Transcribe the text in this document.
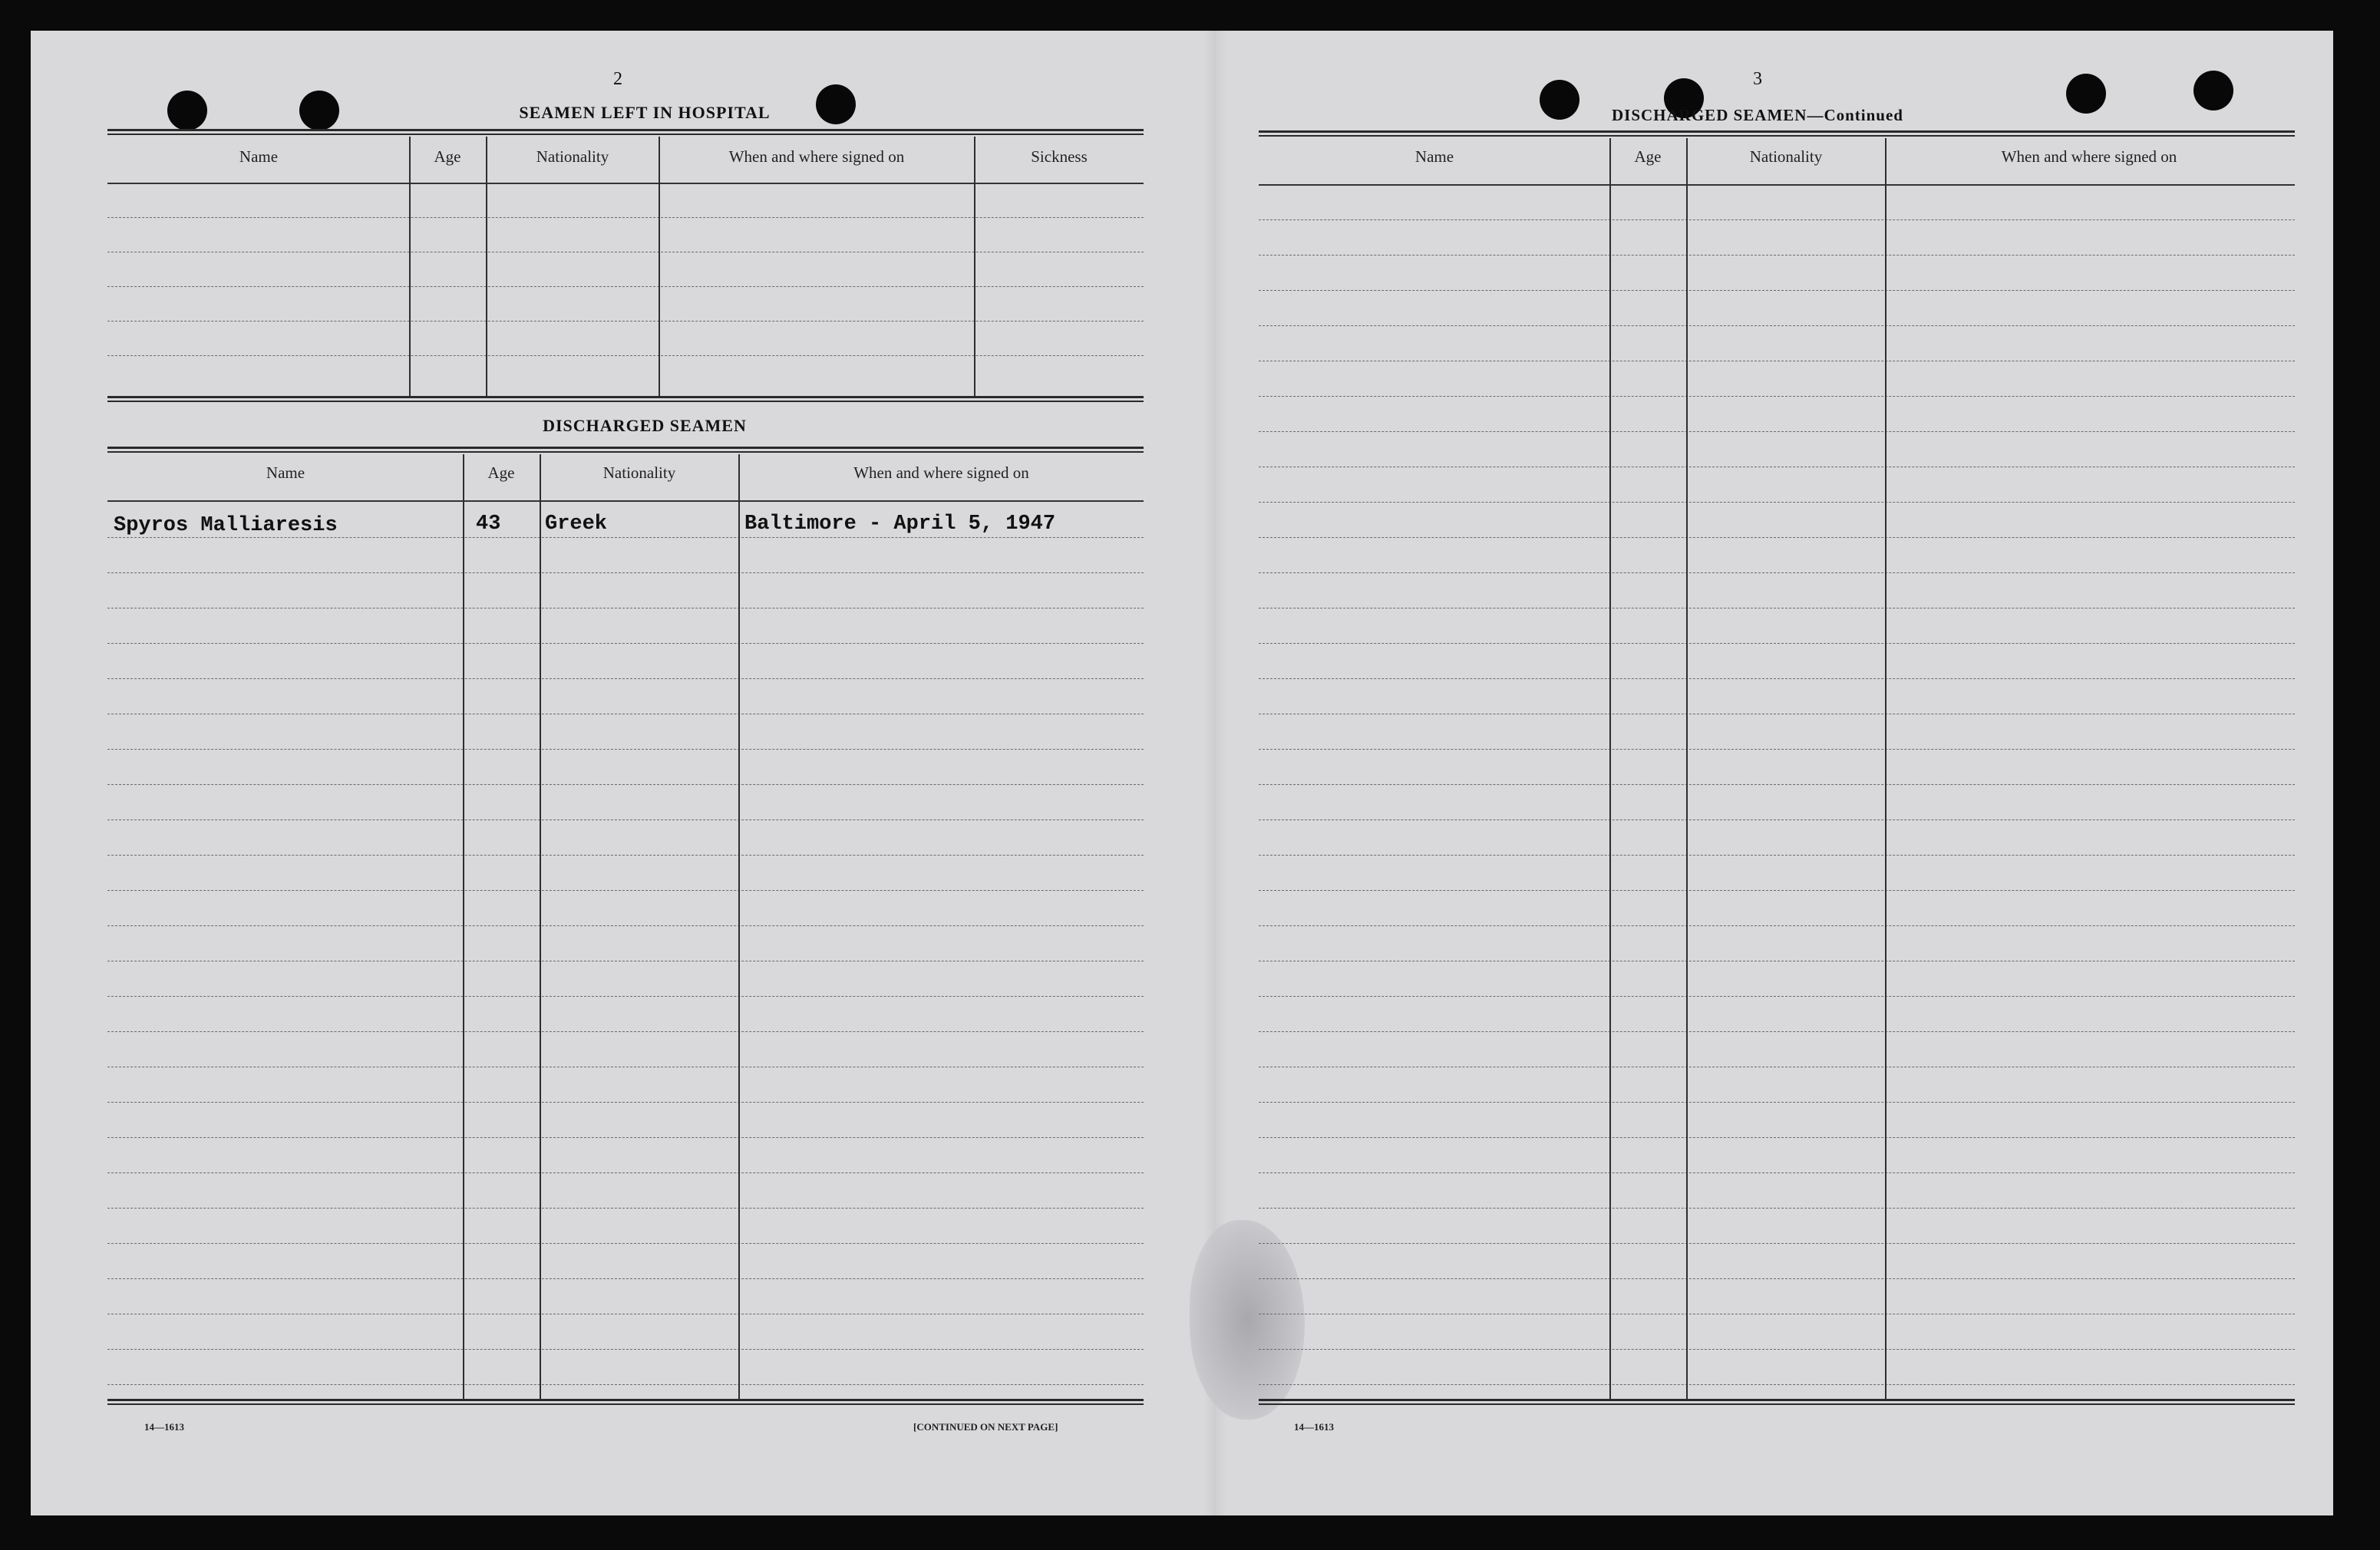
2
SEAMEN LEFT IN HOSPITAL
Name	Age	Nationality	When and where signed on	Sickness
DISCHARGED SEAMEN
Name	Age	Nationality	When and where signed on
Spyros Malliaresis	43 Greek	Baltimore - April 5, 1947
14—1613	[CONTINUED ON NEXT PAGE]
3
DISCHARGED SEAMEN—Continued
Name	Age	Nationality	When and where signed on
14—1613
